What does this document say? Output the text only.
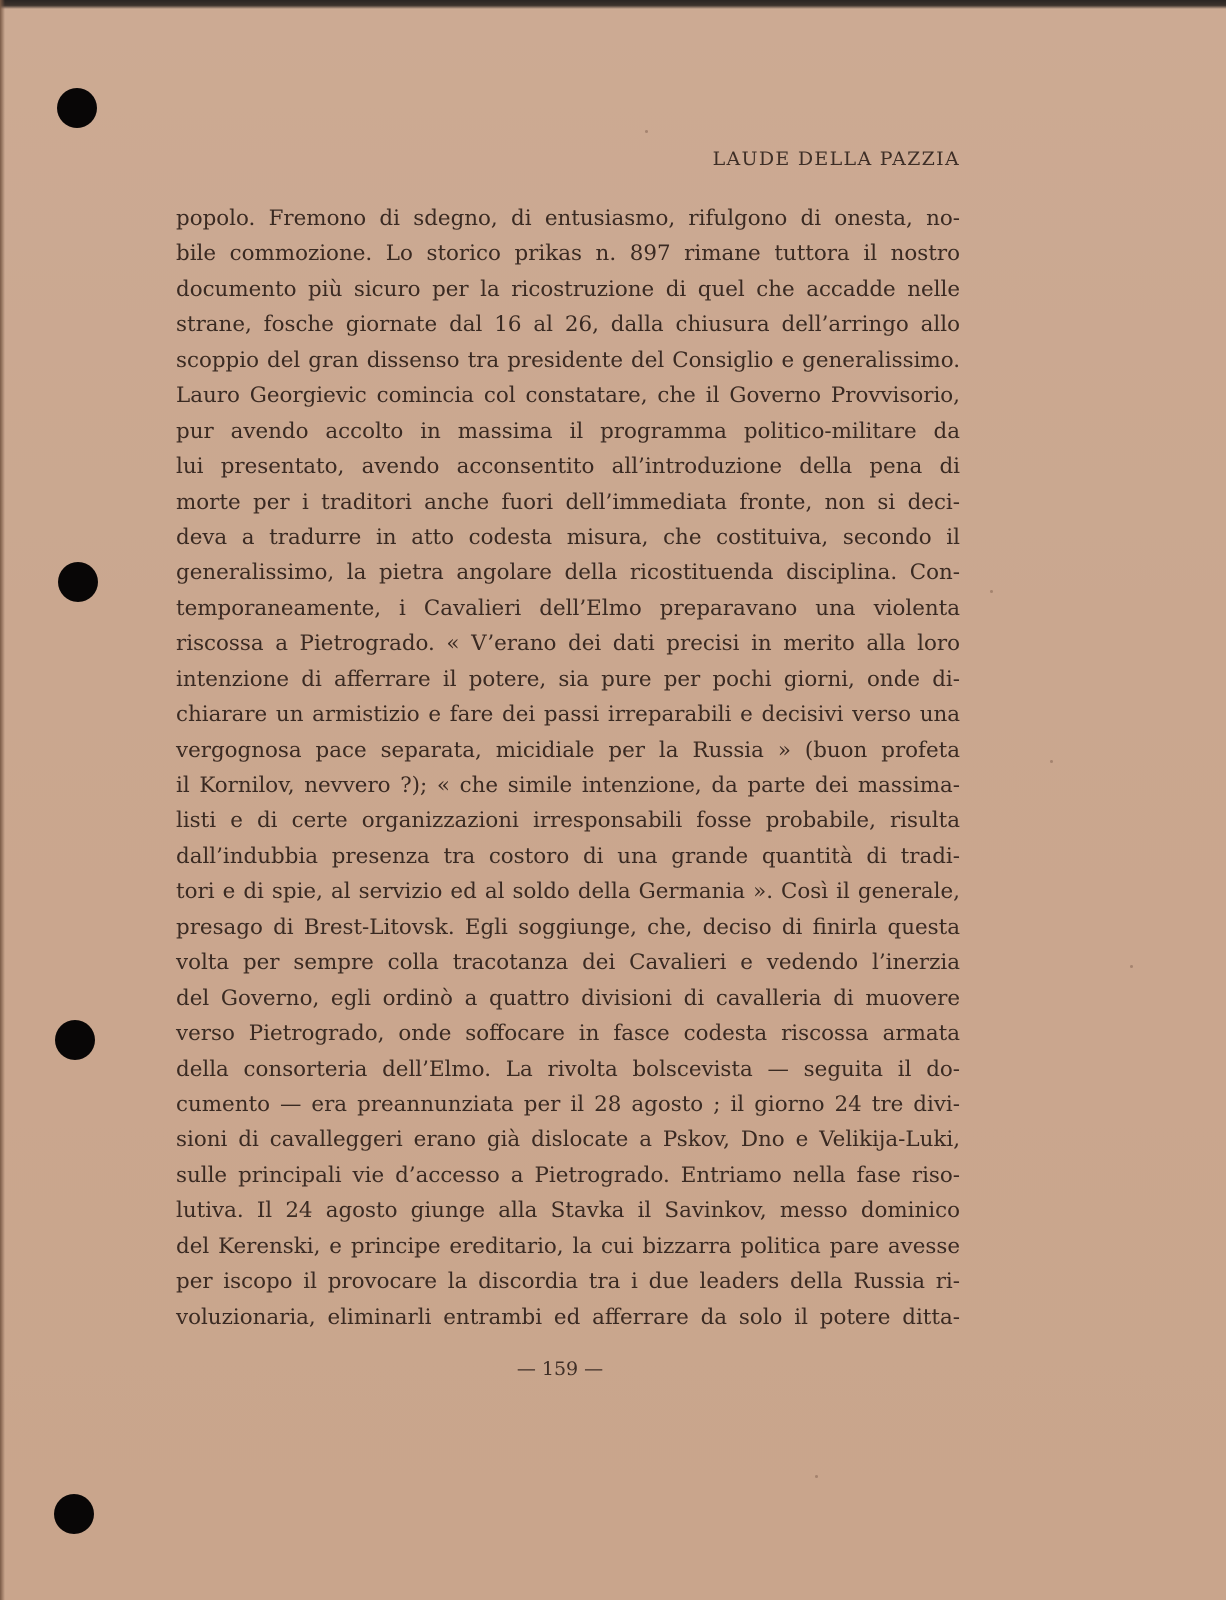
LAUDE DELLA PAZZIA
popolo. Fremono di sdegno, di entusiasmo, rifulgono di onesta, no-
bile commozione. Lo storico prikas n. 897 rimane tuttora il nostro
documento più sicuro per la ricostruzione di quel che accadde nelle
strane, fosche giornate dal 16 al 26, dalla chiusura dell’arringo allo
scoppio del gran dissenso tra presidente del Consiglio e generalissimo.
Lauro Georgievic comincia col constatare, che il Governo Provvisorio,
pur avendo accolto in massima il programma politico-militare da
lui presentato, avendo acconsentito all’introduzione della pena di
morte per i traditori anche fuori dell’immediata fronte, non si deci-
deva a tradurre in atto codesta misura, che costituiva, secondo il
generalissimo, la pietra angolare della ricostituenda disciplina. Con-
temporaneamente, i Cavalieri dell’Elmo preparavano una violenta
riscossa a Pietrogrado. « V’erano dei dati precisi in merito alla loro
intenzione di afferrare il potere, sia pure per pochi giorni, onde di-
chiarare un armistizio e fare dei passi irreparabili e decisivi verso una
vergognosa pace separata, micidiale per la Russia » (buon profeta
il Kornilov, nevvero ?); « che simile intenzione, da parte dei massima-
listi e di certe organizzazioni irresponsabili fosse probabile, risulta
dall’indubbia presenza tra costoro di una grande quantità di tradi-
tori e di spie, al servizio ed al soldo della Germania ». Così il generale,
presago di Brest-Litovsk. Egli soggiunge, che, deciso di finirla questa
volta per sempre colla tracotanza dei Cavalieri e vedendo l’inerzia
del Governo, egli ordinò a quattro divisioni di cavalleria di muovere
verso Pietrogrado, onde soffocare in fasce codesta riscossa armata
della consorteria dell’Elmo. La rivolta bolscevista — seguita il do-
cumento — era preannunziata per il 28 agosto ; il giorno 24 tre divi-
sioni di cavalleggeri erano già dislocate a Pskov, Dno e Velikija-Luki,
sulle principali vie d’accesso a Pietrogrado. Entriamo nella fase riso-
lutiva. Il 24 agosto giunge alla Stavka il Savinkov, messo dominico
del Kerenski, e principe ereditario, la cui bizzarra politica pare avesse
per iscopo il provocare la discordia tra i due leaders della Russia ri-
voluzionaria, eliminarli entrambi ed afferrare da solo il potere ditta-
— 159 —
